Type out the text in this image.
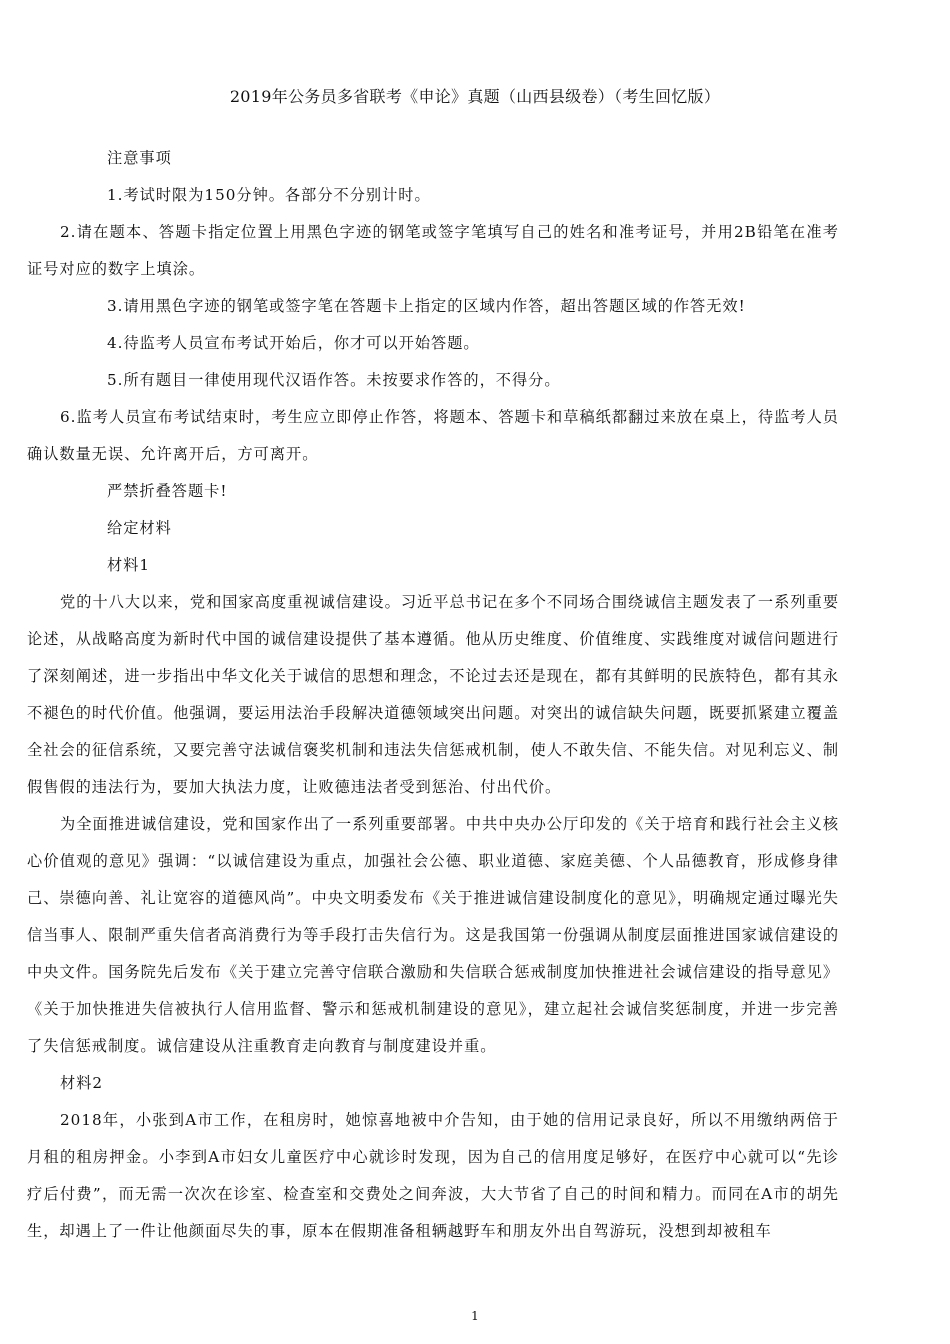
2019年公务员多省联考《申论》真题（山西县级卷）（考生回忆版）

注意事项

1.考试时限为150分钟。各部分不分别计时。

2.请在题本、答题卡指定位置上用黑色字迹的钢笔或签字笔填写自己的姓名和准考证号，并用2B铅笔在准考证号对应的数字上填涂。

3.请用黑色字迹的钢笔或签字笔在答题卡上指定的区域内作答，超出答题区域的作答无效!

4.待监考人员宣布考试开始后，你才可以开始答题。

5.所有题目一律使用现代汉语作答。未按要求作答的，不得分。

6.监考人员宣布考试结束时，考生应立即停止作答，将题本、答题卡和草稿纸都翻过来放在桌上，待监考人员确认数量无误、允许离开后，方可离开。

严禁折叠答题卡!

给定材料

材料1

党的十八大以来，党和国家高度重视诚信建设。习近平总书记在多个不同场合围绕诚信主题发表了一系列重要论述，从战略高度为新时代中国的诚信建设提供了基本遵循。他从历史维度、价值维度、实践维度对诚信问题进行了深刻阐述，进一步指出中华文化关于诚信的思想和理念，不论过去还是现在，都有其鲜明的民族特色，都有其永不褪色的时代价值。他强调，要运用法治手段解决道德领域突出问题。对突出的诚信缺失问题，既要抓紧建立覆盖全社会的征信系统，又要完善守法诚信褒奖机制和违法失信惩戒机制，使人不敢失信、不能失信。对见利忘义、制假售假的违法行为，要加大执法力度，让败德违法者受到惩治、付出代价。

为全面推进诚信建设，党和国家作出了一系列重要部署。中共中央办公厅印发的《关于培育和践行社会主义核心价值观的意见》强调：“以诚信建设为重点，加强社会公德、职业道德、家庭美德、个人品德教育，形成修身律己、崇德向善、礼让宽容的道德风尚”。中央文明委发布《关于推进诚信建设制度化的意见》，明确规定通过曝光失信当事人、限制严重失信者高消费行为等手段打击失信行为。这是我国第一份强调从制度层面推进国家诚信建设的中央文件。国务院先后发布《关于建立完善守信联合激励和失信联合惩戒制度加快推进社会诚信建设的指导意见》《关于加快推进失信被执行人信用监督、警示和惩戒机制建设的意见》，建立起社会诚信奖惩制度，并进一步完善了失信惩戒制度。诚信建设从注重教育走向教育与制度建设并重。

材料2

2018年，小张到A市工作，在租房时，她惊喜地被中介告知，由于她的信用记录良好，所以不用缴纳两倍于月租的租房押金。小李到A市妇女儿童医疗中心就诊时发现，因为自己的信用度足够好，在医疗中心就可以“先诊疗后付费”，而无需一次次在诊室、检查室和交费处之间奔波，大大节省了自己的时间和精力。而同在A市的胡先生，却遇上了一件让他颜面尽失的事，原本在假期准备租辆越野车和朋友外出自驾游玩，没想到却被租车

1
